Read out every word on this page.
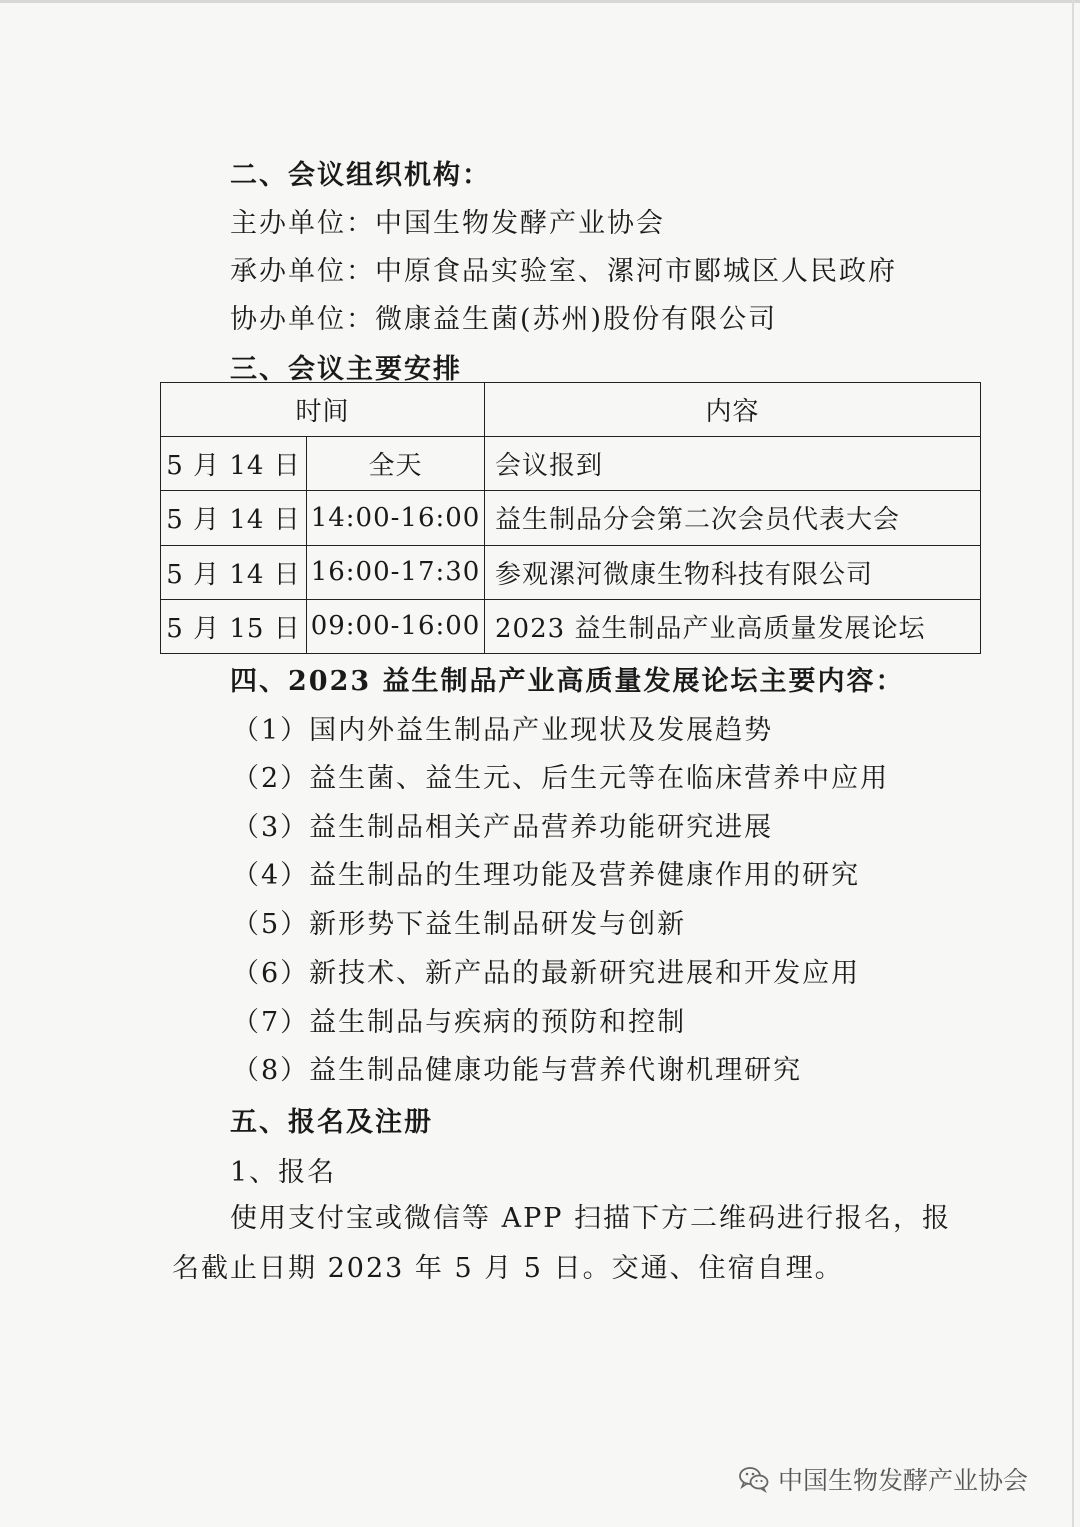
二、会议组织机构：
主办单位：中国生物发酵产业协会
承办单位：中原食品实验室、漯河市郾城区人民政府
协办单位：微康益生菌(苏州)股份有限公司
三、会议主要安排
时间		内容
5 月 14 日	全天	会议报到
5 月 14 日	14:00-16:00	益生制品分会第二次会员代表大会
5 月 14 日	16:00-17:30	参观漯河微康生物科技有限公司
5 月 15 日	09:00-16:00	2023 益生制品产业高质量发展论坛
四、2023 益生制品产业高质量发展论坛主要内容：
（1）国内外益生制品产业现状及发展趋势
（2）益生菌、益生元、后生元等在临床营养中应用
（3）益生制品相关产品营养功能研究进展
（4）益生制品的生理功能及营养健康作用的研究
（5）新形势下益生制品研发与创新
（6）新技术、新产品的最新研究进展和开发应用
（7）益生制品与疾病的预防和控制
（8）益生制品健康功能与营养代谢机理研究
五、报名及注册
1、报名
使用支付宝或微信等 APP 扫描下方二维码进行报名，报
名截止日期 2023 年 5 月 5 日。交通、住宿自理。
中国生物发酵产业协会
